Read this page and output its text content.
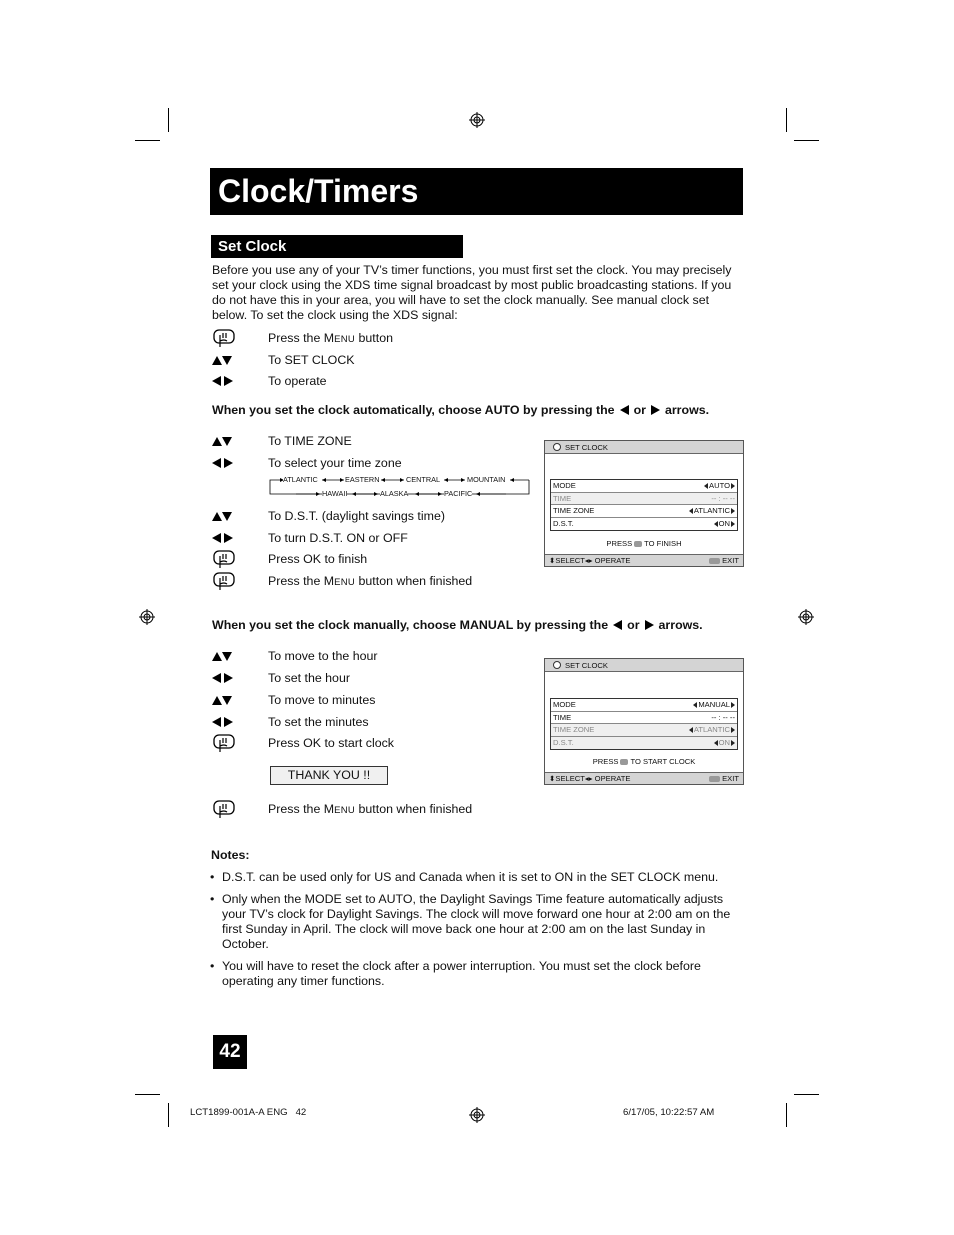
Clock/Timers
Set Clock

Before you use any of your TV’s timer functions, you must first set the clock. You may precisely set your clock using the XDS time signal broadcast by most public broadcasting stations. If you do not have this in your area, you will have to set the clock manually. See manual clock set below. To set the clock using the XDS signal:

Press the MENU button
To SET CLOCK
To operate
When you set the clock automatically, choose AUTO by pressing the or arrows.
To TIME ZONE
To select your time zone
ATLANTIC	EASTERN	CENTRAL	MOUNTAIN
HAWAII	ALASKA	PACIFIC
To D.S.T. (daylight savings time)
To turn D.S.T. ON or OFF
Press OK to finish
Press the MENU button when finished
SET CLOCK
MODE	AUTO
TIME	-- : -- --
TIME ZONE	ATLANTIC
D.S.T.	ON
PRESS TO FINISH
⬍SELECT◂▸ OPERATE	EXIT
When you set the clock manually, choose MANUAL by pressing the or arrows.
To move to the hour
To set the hour
To move to minutes
To set the minutes
Press OK to start clock
THANK YOU !!
Press the MENU button when finished
SET CLOCK
MODE	MANUAL
TIME	-- : -- --
TIME ZONE	ATLANTIC
D.S.T.	ON
PRESS TO START CLOCK
⬍SELECT◂▸ OPERATE	EXIT
Notes:

• D.S.T. can be used only for US and Canada when it is set to ON in the SET CLOCK menu.

• Only when the MODE set to AUTO, the Daylight Savings Time feature automatically adjusts your TV’s clock for Daylight Savings. The clock will move forward one hour at 2:00 am on the first Sunday in April. The clock will move back one hour at 2:00 am on the last Sunday in October.

• You will have to reset the clock after a power interruption. You must set the clock before operating any timer functions.

42
LCT1899-001A-A ENG   42	6/17/05, 10:22:57 AM
